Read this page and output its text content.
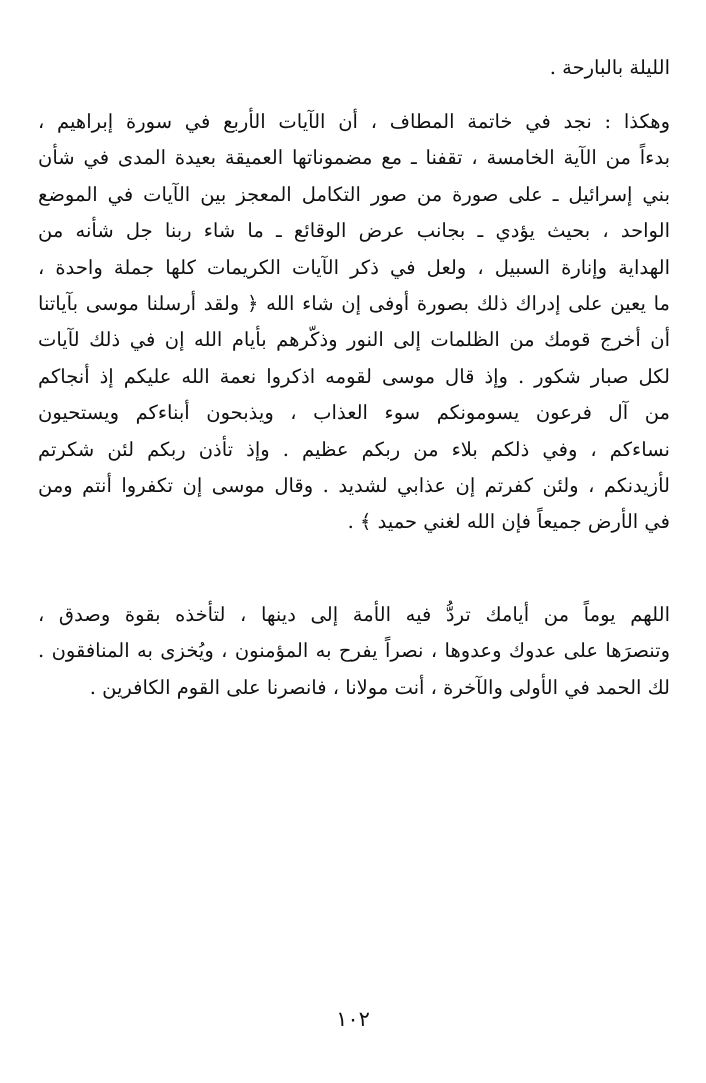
الليلة بالبارحة .
وهكذا : نجد في خاتمة المطاف ، أن الآيات الأربع في سورة إبراهيم ،
بدءاً من الآية الخامسة ، تقفنا ـ مع مضموناتها العميقة بعيدة المدى في شأن
بني إسرائيل ـ على صورة من صور التكامل المعجز بين الآيات في الموضع
الواحد ، بحيث يؤدي ـ بجانب عرض الوقائع ـ ما شاء ربنا جل شأنه من
الهداية وإنارة السبيل ، ولعل في ذكر الآيات الكريمات كلها جملة واحدة ،
ما يعين على إدراك ذلك بصورة أوفى إن شاء الله ﴿ ولقد أرسلنا موسى بآياتنا
أن أخرج قومك من الظلمات إلى النور وذكّرهم بأيام الله إن في ذلك لآيات
لكل صبار شكور . وإذ قال موسى لقومه اذكروا نعمة الله عليكم إذ أنجاكم
من آل فرعون يسومونكم سوء العذاب ، ويذبحون أبناءكم ويستحيون
نساءكم ، وفي ذلكم بلاء من ربكم عظيم . وإذ تأذن ربكم لئن شكرتم
لأزيدنكم ، ولئن كفرتم إن عذابي لشديد . وقال موسى إن تكفروا أنتم ومن
في الأرض جميعاً فإن الله لغني حميد ﴾ .
اللهم يوماً من أيامك تردُّ فيه الأمة إلى دينها ، لتأخذه بقوة وصدق ،
وتنصرَها على عدوك وعدوها ، نصراً يفرح به المؤمنون ، ويُخزى به المنافقون .
لك الحمد في الأولى والآخرة ، أنت مولانا ، فانصرنا على القوم الكافرين .
١٠٢
